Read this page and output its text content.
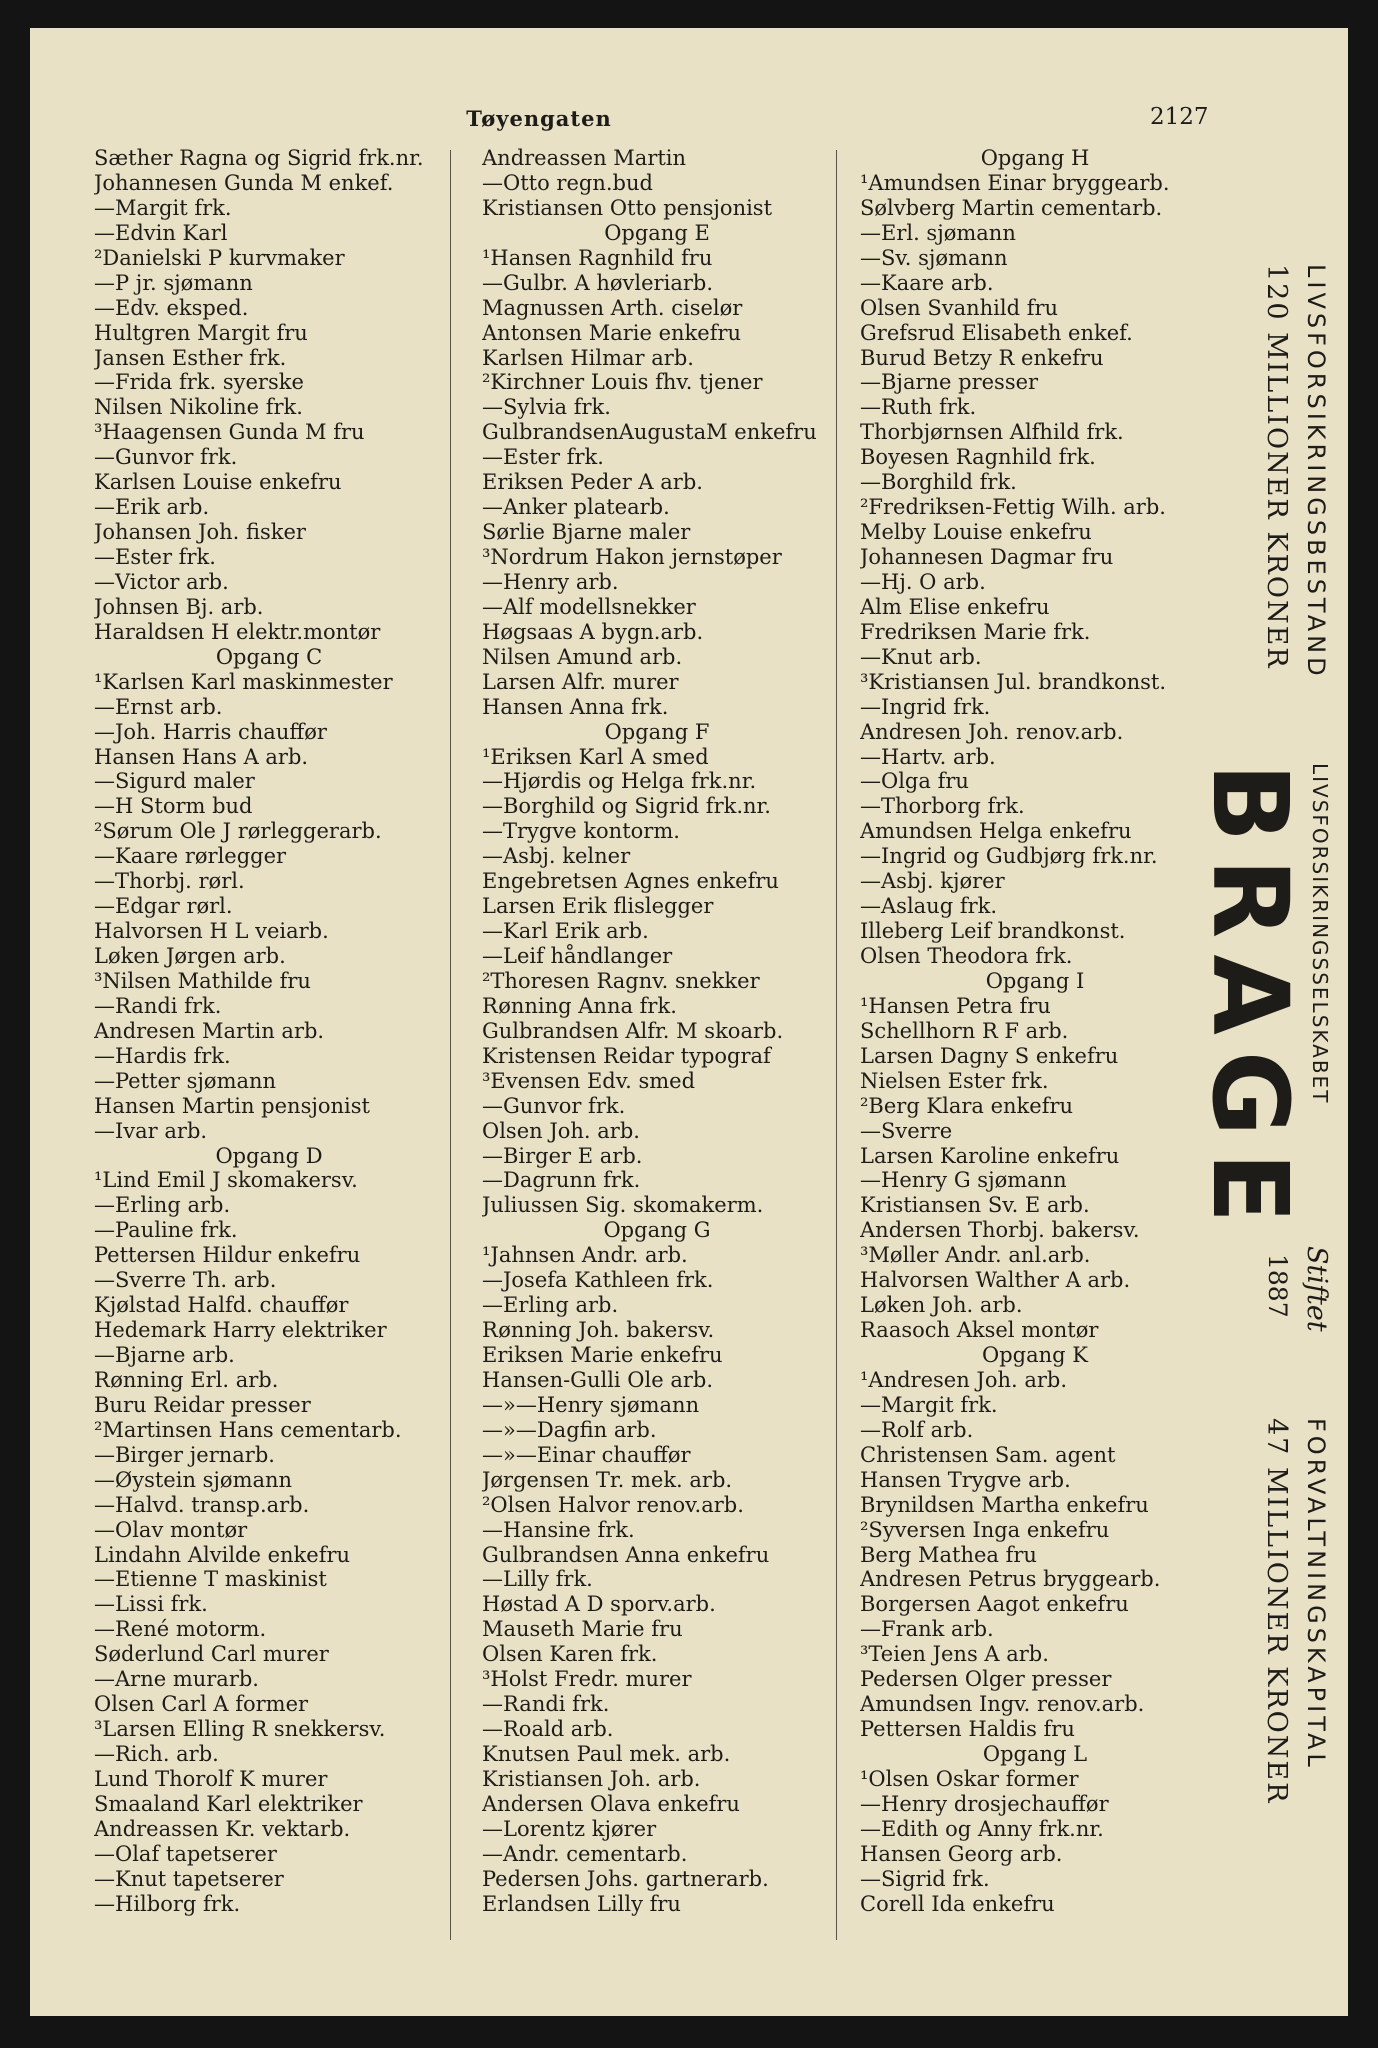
Tøyengaten	2127
Sæther Ragna og Sigrid frk.nr.
Johannesen Gunda M enkef.
—Margit frk.
—Edvin Karl
²Danielski P kurvmaker
—P jr. sjømann
—Edv. eksped.
Hultgren Margit fru
Jansen Esther frk.
—Frida frk. syerske
Nilsen Nikoline frk.
³Haagensen Gunda M fru
—Gunvor frk.
Karlsen Louise enkefru
—Erik arb.
Johansen Joh. fisker
—Ester frk.
—Victor arb.
Johnsen Bj. arb.
Haraldsen H elektr.montør
Opgang C
¹Karlsen Karl maskinmester
—Ernst arb.
—Joh. Harris chauffør
Hansen Hans A arb.
—Sigurd maler
—H Storm bud
²Sørum Ole J rørleggerarb.
—Kaare rørlegger
—Thorbj. rørl.
—Edgar rørl.
Halvorsen H L veiarb.
Løken Jørgen arb.
³Nilsen Mathilde fru
—Randi frk.
Andresen Martin arb.
—Hardis frk.
—Petter sjømann
Hansen Martin pensjonist
—Ivar arb.
Opgang D
¹Lind Emil J skomakersv.
—Erling arb.
—Pauline frk.
Pettersen Hildur enkefru
—Sverre Th. arb.
Kjølstad Halfd. chauffør
Hedemark Harry elektriker
—Bjarne arb.
Rønning Erl. arb.
Buru Reidar presser
²Martinsen Hans cementarb.
—Birger jernarb.
—Øystein sjømann
—Halvd. transp.arb.
—Olav montør
Lindahn Alvilde enkefru
—Etienne T maskinist
—Lissi frk.
—René motorm.
Søderlund Carl murer
—Arne murarb.
Olsen Carl A former
³Larsen Elling R snekkersv.
—Rich. arb.
Lund Thorolf K murer
Smaaland Karl elektriker
Andreassen Kr. vektarb.
—Olaf tapetserer
—Knut tapetserer
—Hilborg frk.
Andreassen Martin
—Otto regn.bud
Kristiansen Otto pensjonist
Opgang E
¹Hansen Ragnhild fru
—Gulbr. A høvleriarb.
Magnussen Arth. ciselør
Antonsen Marie enkefru
Karlsen Hilmar arb.
²Kirchner Louis fhv. tjener
—Sylvia frk.
GulbrandsenAugustaM enkefru
—Ester frk.
Eriksen Peder A arb.
—Anker platearb.
Sørlie Bjarne maler
³Nordrum Hakon jernstøper
—Henry arb.
—Alf modellsnekker
Høgsaas A bygn.arb.
Nilsen Amund arb.
Larsen Alfr. murer
Hansen Anna frk.
Opgang F
¹Eriksen Karl A smed
—Hjørdis og Helga frk.nr.
—Borghild og Sigrid frk.nr.
—Trygve kontorm.
—Asbj. kelner
Engebretsen Agnes enkefru
Larsen Erik flislegger
—Karl Erik arb.
—Leif håndlanger
²Thoresen Ragnv. snekker
Rønning Anna frk.
Gulbrandsen Alfr. M skoarb.
Kristensen Reidar typograf
³Evensen Edv. smed
—Gunvor frk.
Olsen Joh. arb.
—Birger E arb.
—Dagrunn frk.
Juliussen Sig. skomakerm.
Opgang G
¹Jahnsen Andr. arb.
—Josefa Kathleen frk.
—Erling arb.
Rønning Joh. bakersv.
Eriksen Marie enkefru
Hansen-Gulli Ole arb.
—»—Henry sjømann
—»—Dagfin arb.
—»—Einar chauffør
Jørgensen Tr. mek. arb.
²Olsen Halvor renov.arb.
—Hansine frk.
Gulbrandsen Anna enkefru
—Lilly frk.
Høstad A D sporv.arb.
Mauseth Marie fru
Olsen Karen frk.
³Holst Fredr. murer
—Randi frk.
—Roald arb.
Knutsen Paul mek. arb.
Kristiansen Joh. arb.
Andersen Olava enkefru
—Lorentz kjører
—Andr. cementarb.
Pedersen Johs. gartnerarb.
Erlandsen Lilly fru
Opgang H
¹Amundsen Einar bryggearb.
Sølvberg Martin cementarb.
—Erl. sjømann
—Sv. sjømann
—Kaare arb.
Olsen Svanhild fru
Grefsrud Elisabeth enkef.
Burud Betzy R enkefru
—Bjarne presser
—Ruth frk.
Thorbjørnsen Alfhild frk.
Boyesen Ragnhild frk.
—Borghild frk.
²Fredriksen-Fettig Wilh. arb.
Melby Louise enkefru
Johannesen Dagmar fru
—Hj. O arb.
Alm Elise enkefru
Fredriksen Marie frk.
—Knut arb.
³Kristiansen Jul. brandkonst.
—Ingrid frk.
Andresen Joh. renov.arb.
—Hartv. arb.
—Olga fru
—Thorborg frk.
Amundsen Helga enkefru
—Ingrid og Gudbjørg frk.nr.
—Asbj. kjører
—Aslaug frk.
Illeberg Leif brandkonst.
Olsen Theodora frk.
Opgang I
¹Hansen Petra fru
Schellhorn R F arb.
Larsen Dagny S enkefru
Nielsen Ester frk.
²Berg Klara enkefru
—Sverre
Larsen Karoline enkefru
—Henry G sjømann
Kristiansen Sv. E arb.
Andersen Thorbj. bakersv.
³Møller Andr. anl.arb.
Halvorsen Walther A arb.
Løken Joh. arb.
Raasoch Aksel montør
Opgang K
¹Andresen Joh. arb.
—Margit frk.
—Rolf arb.
Christensen Sam. agent
Hansen Trygve arb.
Brynildsen Martha enkefru
²Syversen Inga enkefru
Berg Mathea fru
Andresen Petrus bryggearb.
Borgersen Aagot enkefru
—Frank arb.
³Teien Jens A arb.
Pedersen Olger presser
Amundsen Ingv. renov.arb.
Pettersen Haldis fru
Opgang L
¹Olsen Oskar former
—Henry drosjechauffør
—Edith og Anny frk.nr.
Hansen Georg arb.
—Sigrid frk.
Corell Ida enkefru
LIVSFORSIKRINGSBESTAND
120 MILLIONER KRONER
LIVSFORSIKRINGSSELSKABET
BRAGE
Stiftet
1887
FORVALTNINGSKAPITAL
47 MILLIONER KRONER
